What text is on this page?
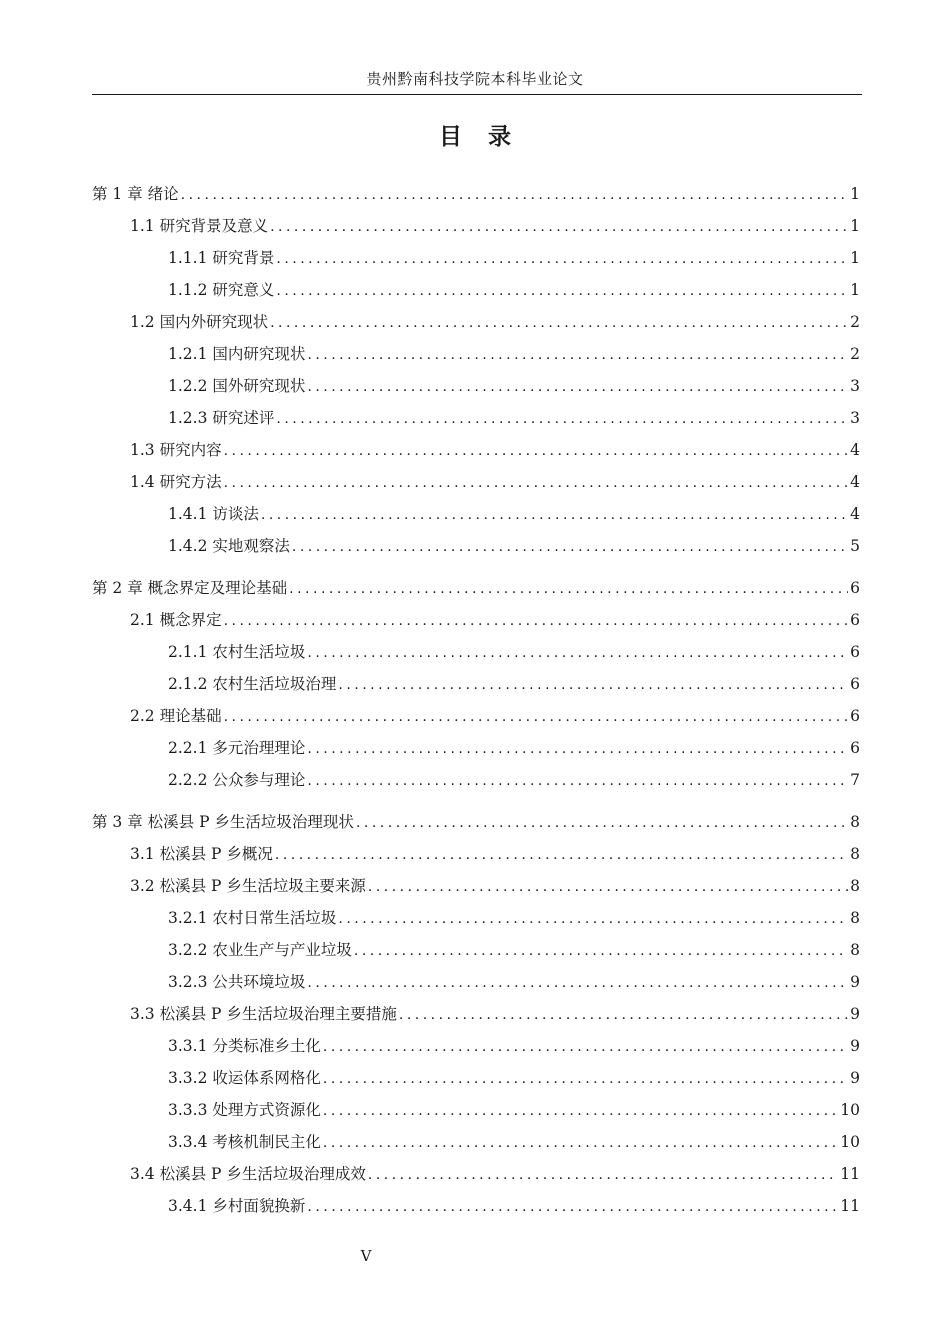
贵州黔南科技学院本科毕业论文
目录
第 1 章 绪论 .....	1
1.1 研究背景及意义 .....	1
1.1.1 研究背景 .....	1
1.1.2 研究意义 .....	1
1.2 国内外研究现状 .....	2
1.2.1 国内研究现状 .....	2
1.2.2 国外研究现状 .....	3
1.2.3 研究述评 .....	3
1.3 研究内容 .....	4
1.4 研究方法 .....	4
1.4.1 访谈法 .....	4
1.4.2 实地观察法 .....	5
第 2 章 概念界定及理论基础 .....	6
2.1 概念界定 .....	6
2.1.1 农村生活垃圾 .....	6
2.1.2 农村生活垃圾治理 .....	6
2.2 理论基础 .....	6
2.2.1 多元治理理论 .....	6
2.2.2 公众参与理论 .....	7
第 3 章 松溪县 P 乡生活垃圾治理现状 .....	8
3.1 松溪县 P 乡概况 .....	8
3.2 松溪县 P 乡生活垃圾主要来源 .....	8
3.2.1 农村日常生活垃圾 .....	8
3.2.2 农业生产与产业垃圾 .....	8
3.2.3 公共环境垃圾 .....	9
3.3 松溪县 P 乡生活垃圾治理主要措施 .....	9
3.3.1 分类标准乡土化 .....	9
3.3.2 收运体系网格化 .....	9
3.3.3 处理方式资源化 .....	10
3.3.4 考核机制民主化 .....	10
3.4 松溪县 P 乡生活垃圾治理成效 .....	11
3.4.1 乡村面貌换新 .....	11
V
